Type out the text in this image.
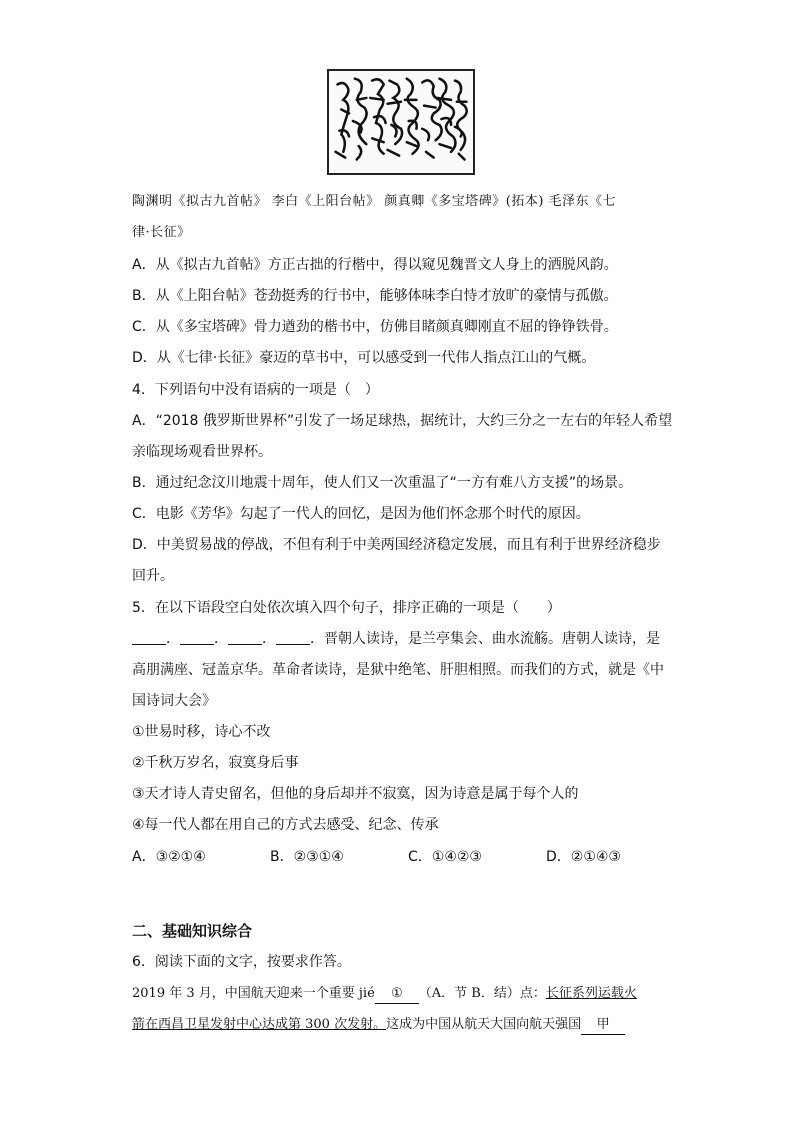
陶渊明《拟古九首帖》 李白《上阳台帖》 颜真卿《多宝塔碑》(拓本) 毛泽东《七
律·长征》
A．从《拟古九首帖》方正古拙的行楷中，得以窥见魏晋文人身上的洒脱风韵。
B．从《上阳台帖》苍劲挺秀的行书中，能够体味李白恃才放旷的豪情与孤傲。
C．从《多宝塔碑》骨力遒劲的楷书中，仿佛目睹颜真卿刚直不屈的铮铮铁骨。
D．从《七律·长征》豪迈的草书中，可以感受到一代伟人指点江山的气概。
4．下列语句中没有语病的一项是（　）
A．“2018 俄罗斯世界杯”引发了一场足球热，据统计，大约三分之一左右的年轻人希望
亲临现场观看世界杯。
B．通过纪念汶川地震十周年，使人们又一次重温了“一方有难八方支援”的场景。
C．电影《芳华》勾起了一代人的回忆，是因为他们怀念那个时代的原因。
D．中美贸易战的停战，不但有利于中美两国经济稳定发展，而且有利于世界经济稳步
回升。
5．在以下语段空白处依次填入四个句子，排序正确的一项是（　　）
． ． ． ．晋朝人读诗，是兰亭集会、曲水流觞。唐朝人读诗，是
高朋满座、冠盖京华。革命者读诗，是狱中绝笔、肝胆相照。而我们的方式，就是《中
国诗词大会》
①世易时移，诗心不改
②千秋万岁名，寂寞身后事
③天才诗人青史留名，但他的身后却并不寂寞，因为诗意是属于每个人的
④每一代人都在用自己的方式去感受、纪念、传承
A．③②①④	B．②③①④	C．①④②③	D．②①④③
二、基础知识综合
6．阅读下面的文字，按要求作答。
2019 年 3 月，中国航天迎来一个重要 jié ① （A．节 B．结）点：长征系列运载火
箭在西昌卫星发射中心达成第 300 次发射。这成为中国从航天大国向航天强国 甲
